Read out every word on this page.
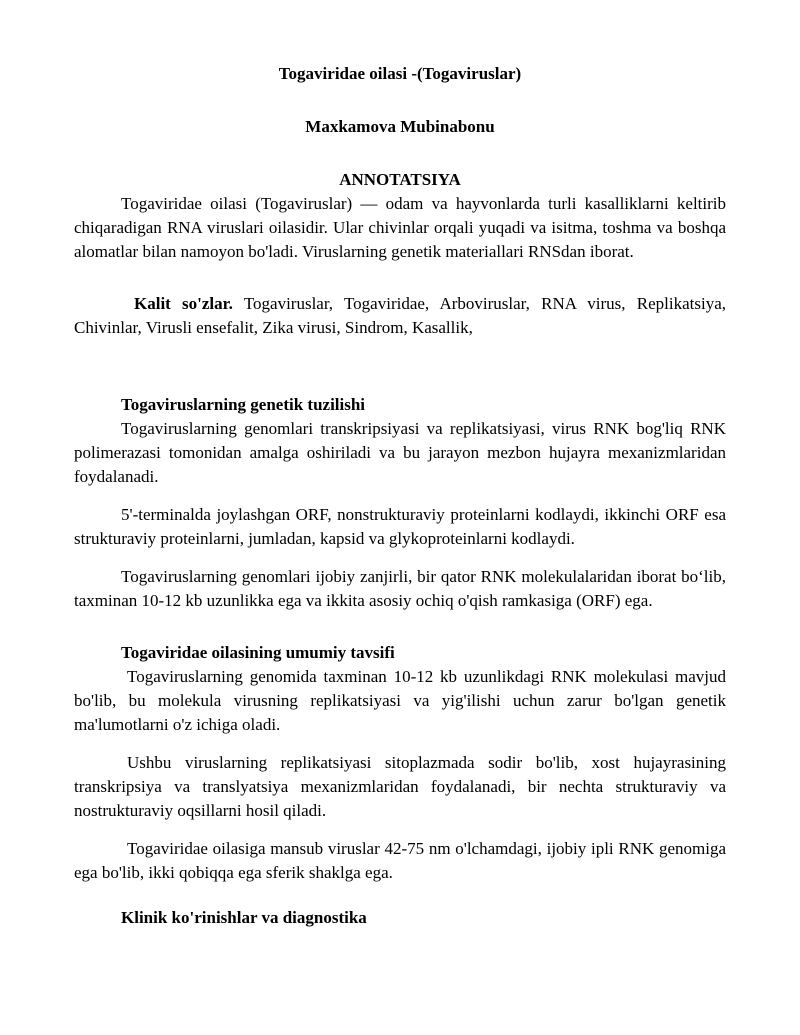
Togaviridae oilasi -(Togaviruslar)

Maxkamova Mubinabonu

ANNOTATSIYA

Togaviridae oilasi (Togaviruslar) — odam va hayvonlarda turli kasalliklarni keltirib chiqaradigan RNA viruslari oilasidir. Ular chivinlar orqali yuqadi va isitma, toshma va boshqa alomatlar bilan namoyon bo'ladi. Viruslarning genetik materiallari RNSdan iborat.

Kalit so'zlar. Togaviruslar, Togaviridae, Arboviruslar, RNA virus, Replikatsiya, Chivinlar, Virusli ensefalit, Zika virusi, Sindrom, Kasallik,

Togaviruslarning genetik tuzilishi

Togaviruslarning genomlari transkripsiyasi va replikatsiyasi, virus RNK bog'liq RNK polimerazasi tomonidan amalga oshiriladi va bu jarayon mezbon hujayra mexanizmlaridan foydalanadi.

5'-terminalda joylashgan ORF, nonstrukturaviy proteinlarni kodlaydi, ikkinchi ORF esa strukturaviy proteinlarni, jumladan, kapsid va glykoproteinlarni kodlaydi.

Togaviruslarning genomlari ijobiy zanjirli, bir qator RNK molekulalaridan iborat bo‘lib, taxminan 10-12 kb uzunlikka ega va ikkita asosiy ochiq o'qish ramkasiga (ORF) ega.

Togaviridae oilasining umumiy tavsifi

Togaviruslarning genomida taxminan 10-12 kb uzunlikdagi RNK molekulasi mavjud bo'lib, bu molekula virusning replikatsiyasi va yig'ilishi uchun zarur bo'lgan genetik ma'lumotlarni o'z ichiga oladi.

Ushbu viruslarning replikatsiyasi sitoplazmada sodir bo'lib, xost hujayrasining transkripsiya va translyatsiya mexanizmlaridan foydalanadi, bir nechta strukturaviy va nostrukturaviy oqsillarni hosil qiladi.

Togaviridae oilasiga mansub viruslar 42-75 nm o'lchamdagi, ijobiy ipli RNK genomiga ega bo'lib, ikki qobiqqa ega sferik shaklga ega.

Klinik ko'rinishlar va diagnostika
